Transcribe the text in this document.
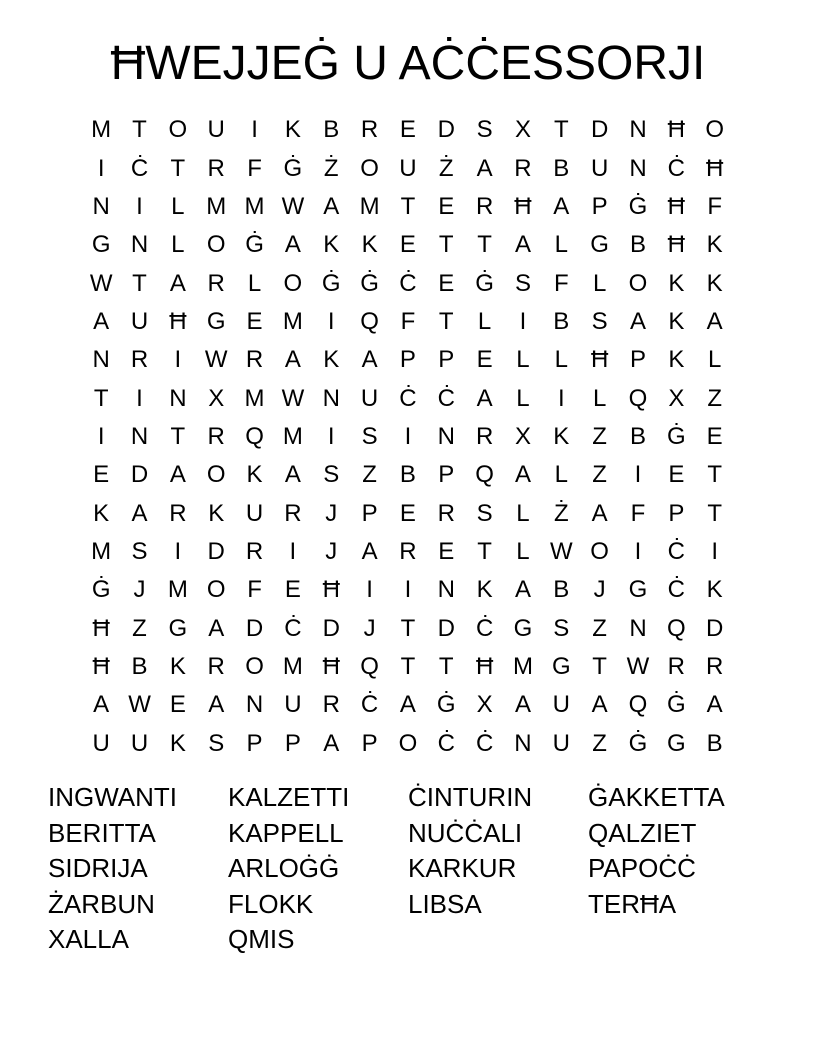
ĦWEJJEĠ U AĊĊESSORJI
M T O U	I	K B R E D S X T D N Ħ O
I	Ċ T R F Ġ Ż O U Ż A R B U N Ċ Ħ
N	I	L M M W A M T E R Ħ A P Ġ Ħ F
G N L O Ġ A K K E T T A L G B Ħ K
W T A R L O Ġ Ġ Ċ E Ġ S F	L O K K
A U Ħ G E M	I	Q F T	L	I	B S A K A
N R	I W R A K A P P E L	L Ħ P K L
T	I	N X M W N U Ċ Ċ A L	I	L Q X Z
I	N T R Q M	I	S	I	N R X K Z B Ġ E
E D A O K A S Z B P Q A L	Z	I	E T
K A R K U R J	P E R S L	Ż A F P T
M S	I	D R	I	J	A R E T	L W O	I	Ċ	I
Ġ J M O F E Ħ	I	I	N K A B	J G Ċ K
Ħ Z G A D Ċ D J	T D Ċ G S Z N Q D
Ħ B K R O M Ħ Q T T Ħ M G T W R R
A W E A N U R Ċ A Ġ X A U A Q Ġ A
U U K S P P A P O Ċ Ċ N U Z Ġ G B
INGWANTI	KALZETTI	ĊINTURIN	ĠAKKETTA
BERITTA	KAPPELL	NUĊĊALI	QALZIET
SIDRIJA	ARLOĠĠ	KARKUR	PAPOĊĊ
ŻARBUN	FLOKK	LIBSA	TERĦA
XALLA	QMIS
